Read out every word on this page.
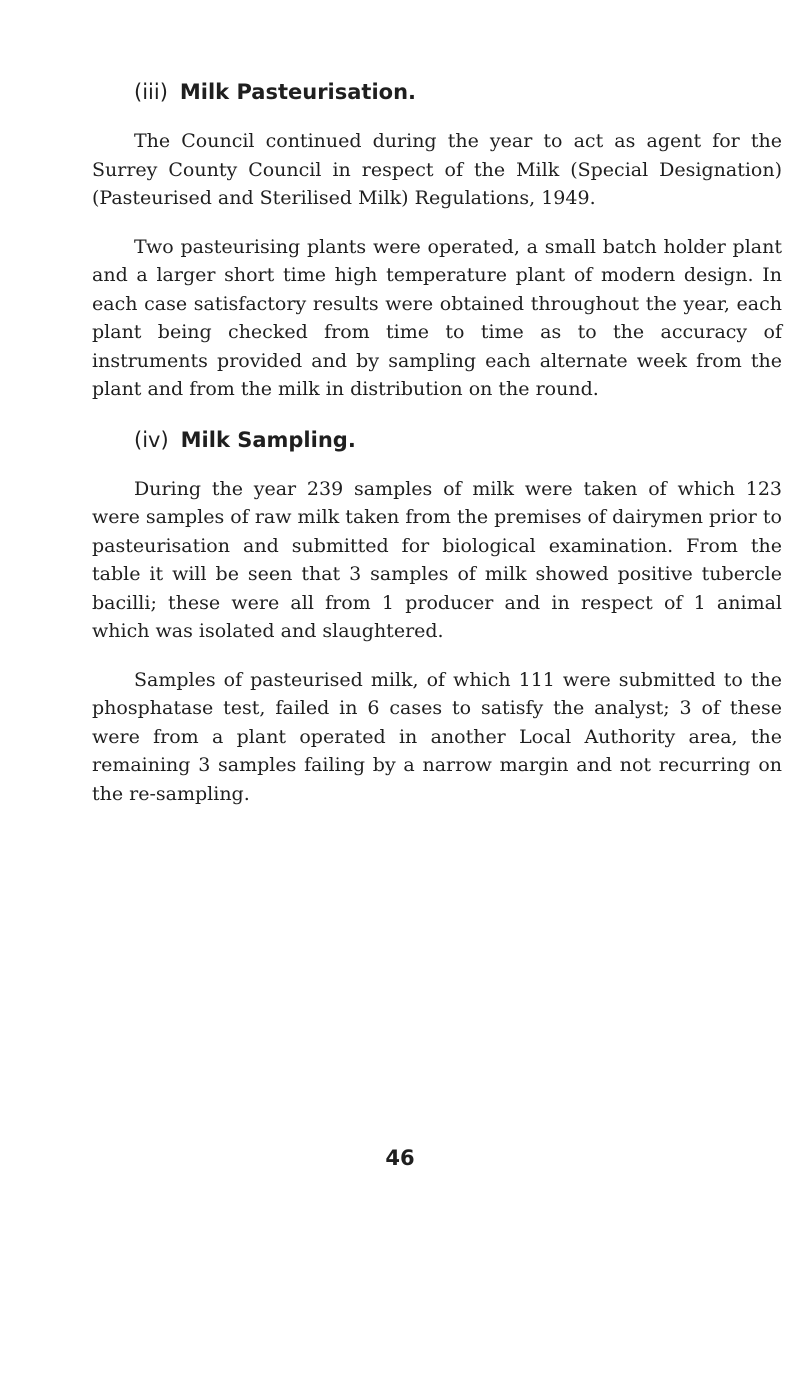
(iii) Milk Pasteurisation.

The Council continued during the year to act as agent for the Surrey County Council in respect of the Milk (Special Designation) (Pasteurised and Sterilised Milk) Regulations, 1949.

Two pasteurising plants were operated, a small batch holder plant and a larger short time high temperature plant of modern design. In each case satisfactory results were obtained throughout the year, each plant being checked from time to time as to the accuracy of instruments provided and by sampling each alternate week from the plant and from the milk in distribution on the round.

(iv) Milk Sampling.

During the year 239 samples of milk were taken of which 123 were samples of raw milk taken from the premises of dairymen prior to pasteurisation and submitted for biological examination. From the table it will be seen that 3 samples of milk showed positive tubercle bacilli; these were all from 1 producer and in respect of 1 animal which was isolated and slaughtered.

Samples of pasteurised milk, of which 111 were submitted to the phosphatase test, failed in 6 cases to satisfy the analyst; 3 of these were from a plant operated in another Local Authority area, the remaining 3 samples failing by a narrow margin and not recurring on the re-sampling.

46
